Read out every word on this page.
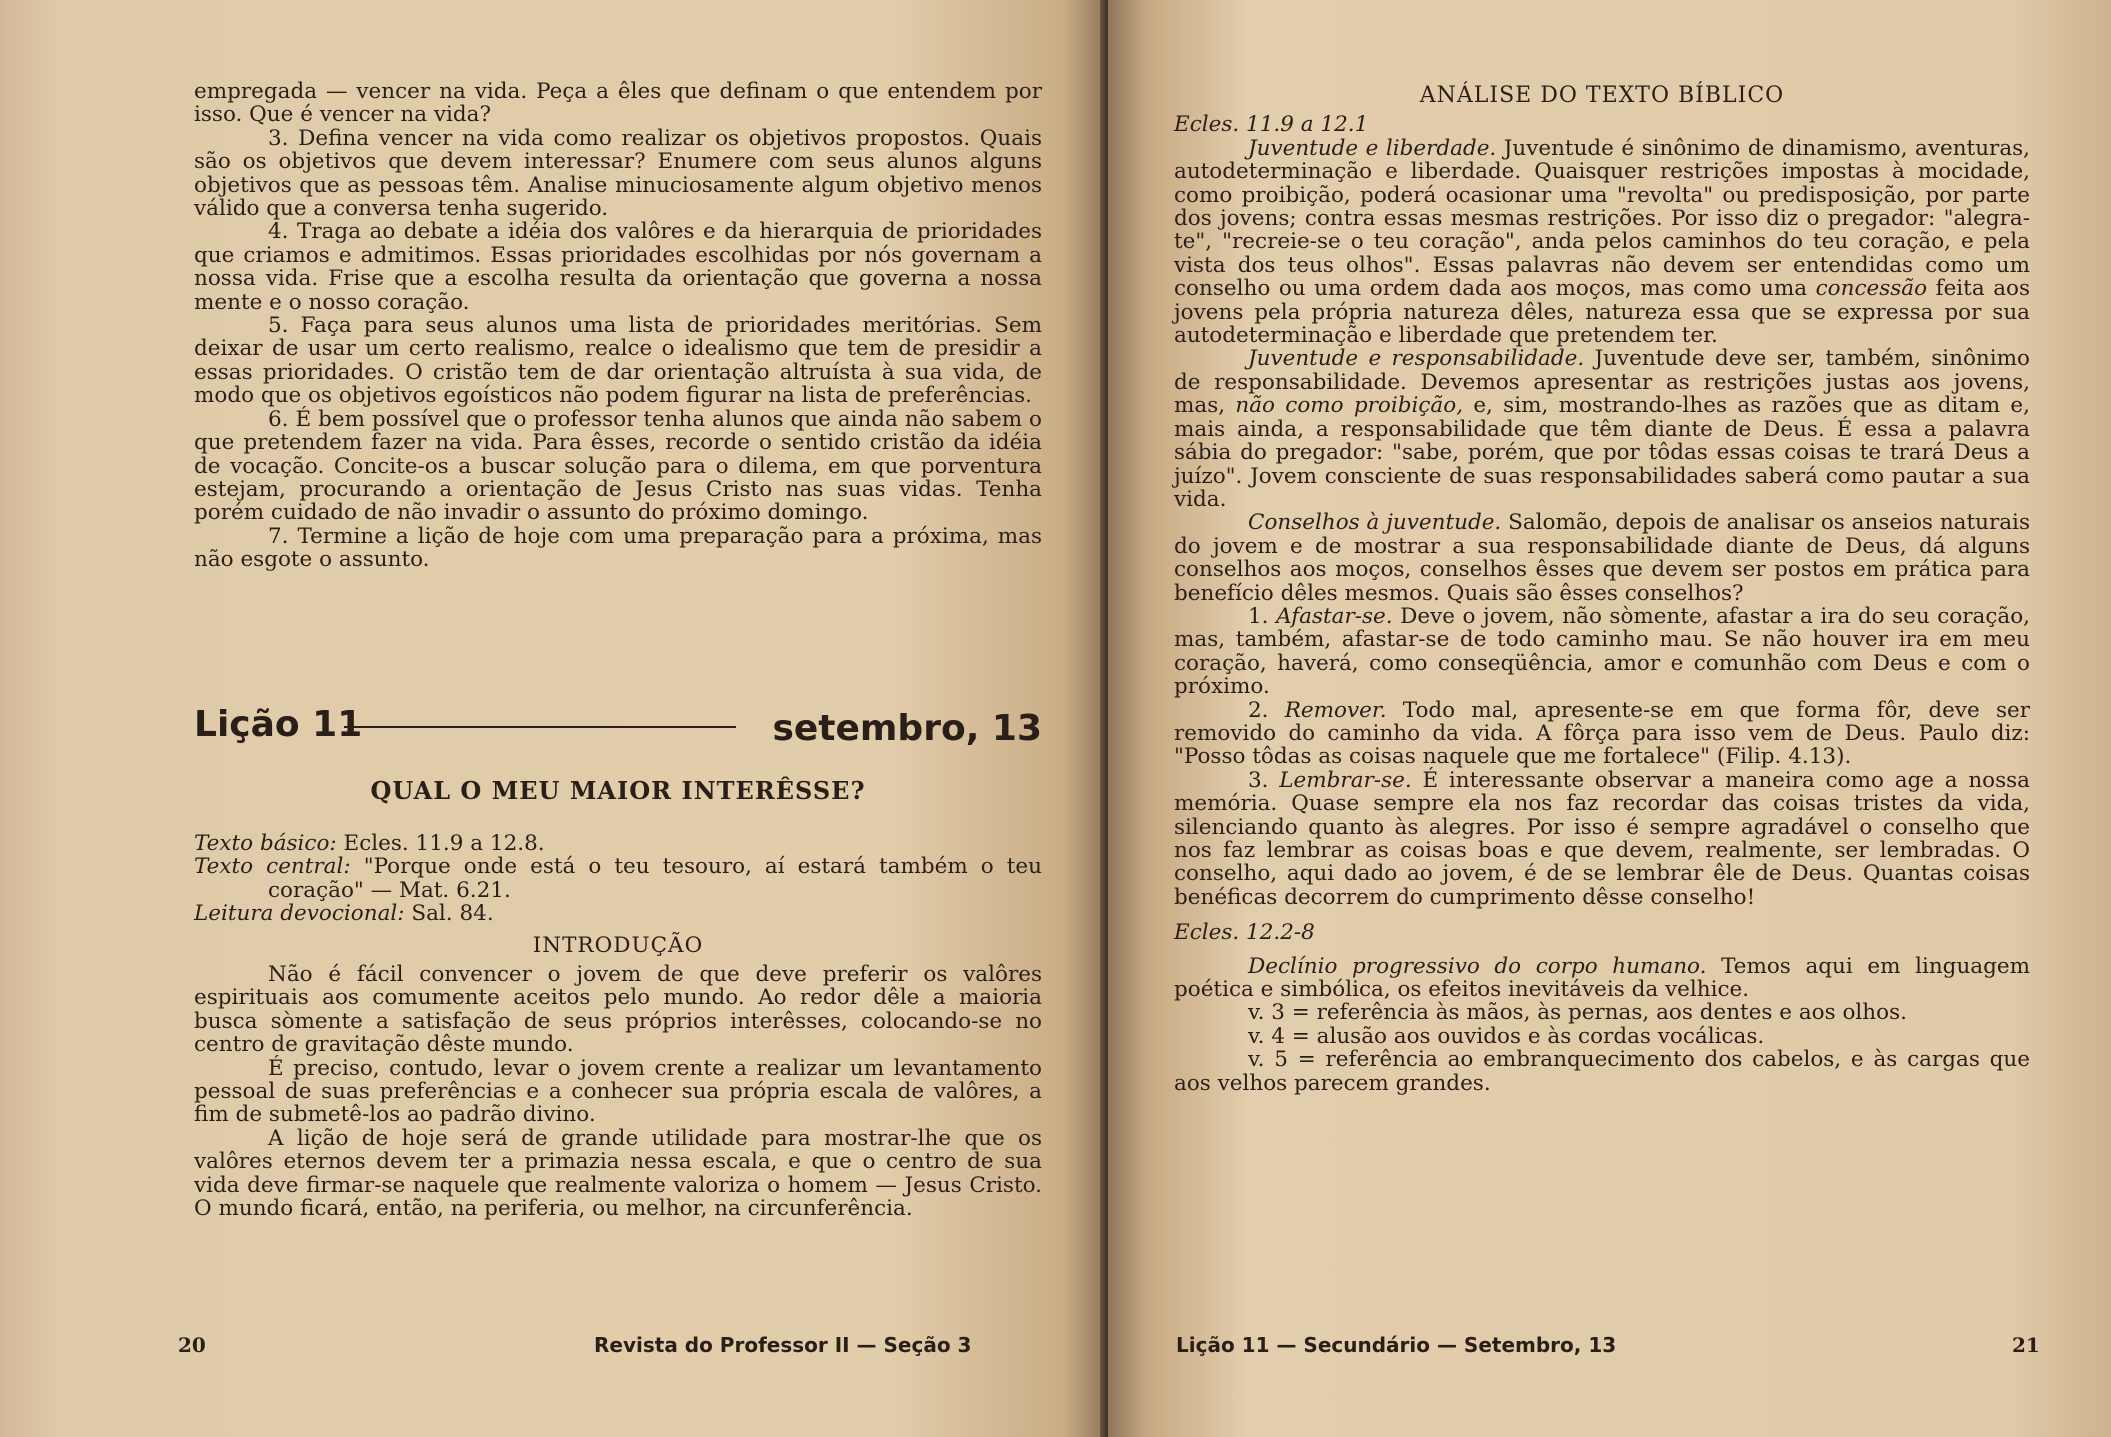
empregada — vencer na vida. Peça a êles que definam o que entendem por isso. Que é vencer na vida?

3. Defina vencer na vida como realizar os objetivos propostos. Quais são os objetivos que devem interessar? Enumere com seus alunos alguns objetivos que as pessoas têm. Analise minuciosamente algum objetivo menos válido que a conversa tenha sugerido.

4. Traga ao debate a idéia dos valôres e da hierarquia de prioridades que criamos e admitimos. Essas prioridades escolhidas por nós governam a nossa vida. Frise que a escolha resulta da orientação que governa a nossa mente e o nosso coração.

5. Faça para seus alunos uma lista de prioridades meritórias. Sem deixar de usar um certo realismo, realce o idealismo que tem de presidir a essas prioridades. O cristão tem de dar orientação altruísta à sua vida, de modo que os objetivos egoísticos não podem figurar na lista de preferências.

6. É bem possível que o professor tenha alunos que ainda não sabem o que pretendem fazer na vida. Para êsses, recorde o sentido cristão da idéia de vocação. Concite-os a buscar solução para o dilema, em que porventura estejam, procurando a orientação de Jesus Cristo nas suas vidas. Tenha porém cuidado de não invadir o assunto do próximo domingo.

7. Termine a lição de hoje com uma preparação para a próxima, mas não esgote o assunto.

Lição 11	setembro, 13
QUAL O MEU MAIOR INTERÊSSE?

Texto básico: Ecles. 11.9 a 12.8.

Texto central: "Porque onde está o teu tesouro, aí estará também o teu coração" — Mat. 6.21.

Leitura devocional: Sal. 84.

INTRODUÇÃO

Não é fácil convencer o jovem de que deve preferir os valôres espirituais aos comumente aceitos pelo mundo. Ao redor dêle a maioria busca sòmente a satisfação de seus próprios interêsses, colocando-se no centro de gravitação dêste mundo.

É preciso, contudo, levar o jovem crente a realizar um levantamento pessoal de suas preferências e a conhecer sua própria escala de valôres, a fim de submetê-los ao padrão divino.

A lição de hoje será de grande utilidade para mostrar-lhe que os valôres eternos devem ter a primazia nessa escala, e que o centro de sua vida deve firmar-se naquele que realmente valoriza o homem — Jesus Cristo. O mundo ficará, então, na periferia, ou melhor, na circunferência.

20	Revista do Professor II — Seção 3

ANÁLISE DO TEXTO BÍBLICO

Ecles. 11.9 a 12.1

Juventude e liberdade. Juventude é sinônimo de dinamismo, aventuras, autodeterminação e liberdade. Quaisquer restrições impostas à mocidade, como proibição, poderá ocasionar uma "revolta" ou predisposição, por parte dos jovens; contra essas mesmas restrições. Por isso diz o pregador: "alegra-te", "recreie-se o teu coração", anda pelos caminhos do teu coração, e pela vista dos teus olhos". Essas palavras não devem ser entendidas como um conselho ou uma ordem dada aos moços, mas como uma concessão feita aos jovens pela própria natureza dêles, natureza essa que se expressa por sua autodeterminação e liberdade que pretendem ter.

Juventude e responsabilidade. Juventude deve ser, também, sinônimo de responsabilidade. Devemos apresentar as restrições justas aos jovens, mas, não como proibição, e, sim, mostrando-lhes as razões que as ditam e, mais ainda, a responsabilidade que têm diante de Deus. É essa a palavra sábia do pregador: "sabe, porém, que por tôdas essas coisas te trará Deus a juízo". Jovem consciente de suas responsabilidades saberá como pautar a sua vida.

Conselhos à juventude. Salomão, depois de analisar os anseios naturais do jovem e de mostrar a sua responsabilidade diante de Deus, dá alguns conselhos aos moços, conselhos êsses que devem ser postos em prática para benefício dêles mesmos. Quais são êsses conselhos?

1. Afastar-se. Deve o jovem, não sòmente, afastar a ira do seu coração, mas, também, afastar-se de todo caminho mau. Se não houver ira em meu coração, haverá, como conseqüência, amor e comunhão com Deus e com o próximo.

2. Remover. Todo mal, apresente-se em que forma fôr, deve ser removido do caminho da vida. A fôrça para isso vem de Deus. Paulo diz: "Posso tôdas as coisas naquele que me fortalece" (Filip. 4.13).

3. Lembrar-se. É interessante observar a maneira como age a nossa memória. Quase sempre ela nos faz recordar das coisas tristes da vida, silenciando quanto às alegres. Por isso é sempre agradável o conselho que nos faz lembrar as coisas boas e que devem, realmente, ser lembradas. O conselho, aqui dado ao jovem, é de se lembrar êle de Deus. Quantas coisas benéficas decorrem do cumprimento dêsse conselho!

Ecles. 12.2-8

Declínio progressivo do corpo humano. Temos aqui em linguagem poética e simbólica, os efeitos inevitáveis da velhice.

v. 3 = referência às mãos, às pernas, aos dentes e aos olhos.

v. 4 = alusão aos ouvidos e às cordas vocálicas.

v. 5 = referência ao embranquecimento dos cabelos, e às cargas que aos velhos parecem grandes.

Lição 11 — Secundário — Setembro, 13	21
